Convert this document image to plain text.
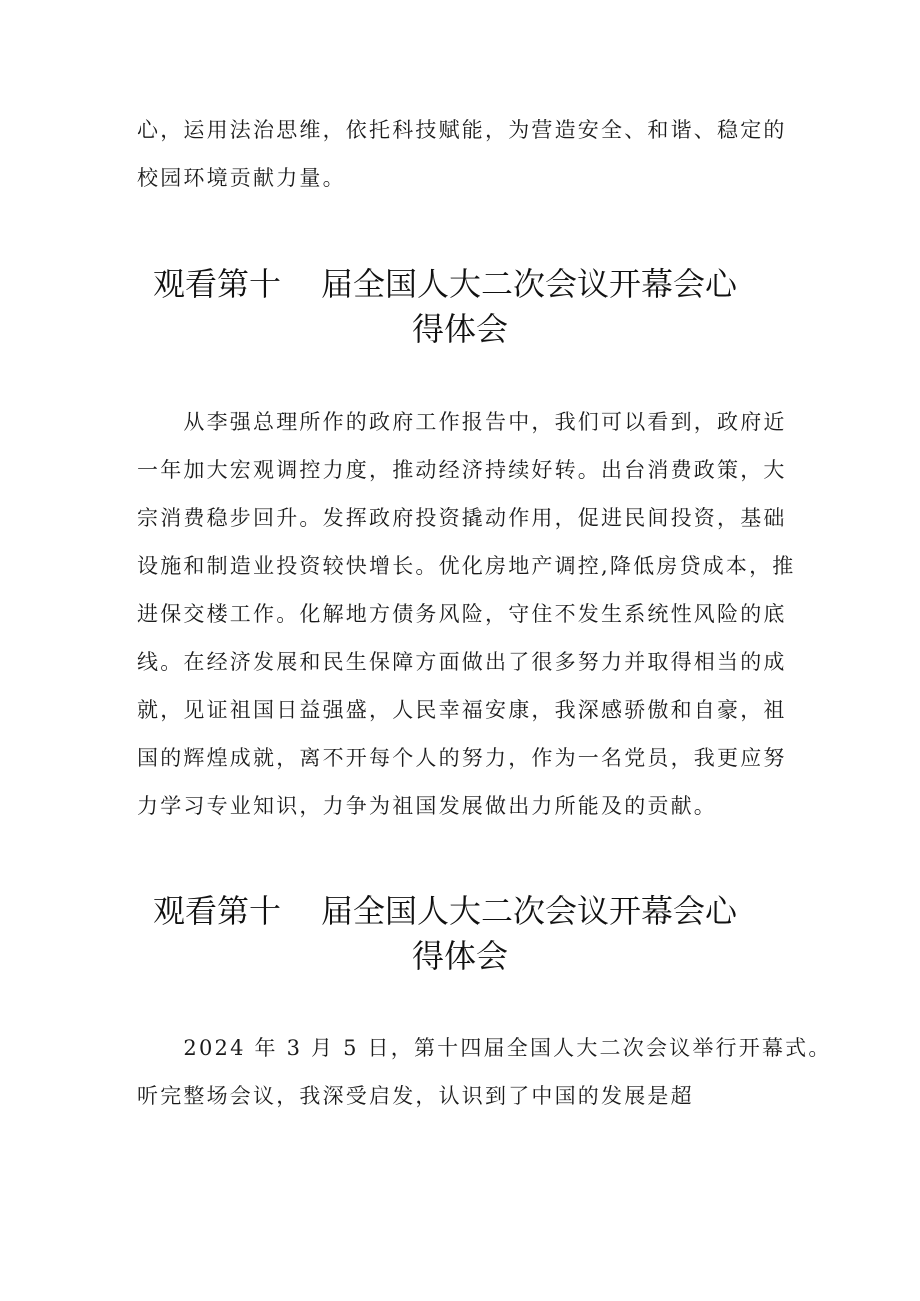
心，运用法治思维，依托科技赋能，为营造安全、和谐、稳定的
校园环境贡献力量。
观看第十 届全国人大二次会议开幕会心
得体会
　　从李强总理所作的政府工作报告中，我们可以看到，政府近
一年加大宏观调控力度，推动经济持续好转。出台消费政策，大
宗消费稳步回升。发挥政府投资撬动作用，促进民间投资，基础
设施和制造业投资较快增长。优化房地产调控,降低房贷成本，推
进保交楼工作。化解地方债务风险，守住不发生系统性风险的底
线。在经济发展和民生保障方面做出了很多努力并取得相当的成
就，见证祖国日益强盛，人民幸福安康，我深感骄傲和自豪，祖
国的辉煌成就，离不开每个人的努力，作为一名党员，我更应努
力学习专业知识，力争为祖国发展做出力所能及的贡献。
观看第十 届全国人大二次会议开幕会心
得体会
　　2024 年 3 月 5 日，第十四届全国人大二次会议举行开幕式。
听完整场会议，我深受启发，认识到了中国的发展是超
